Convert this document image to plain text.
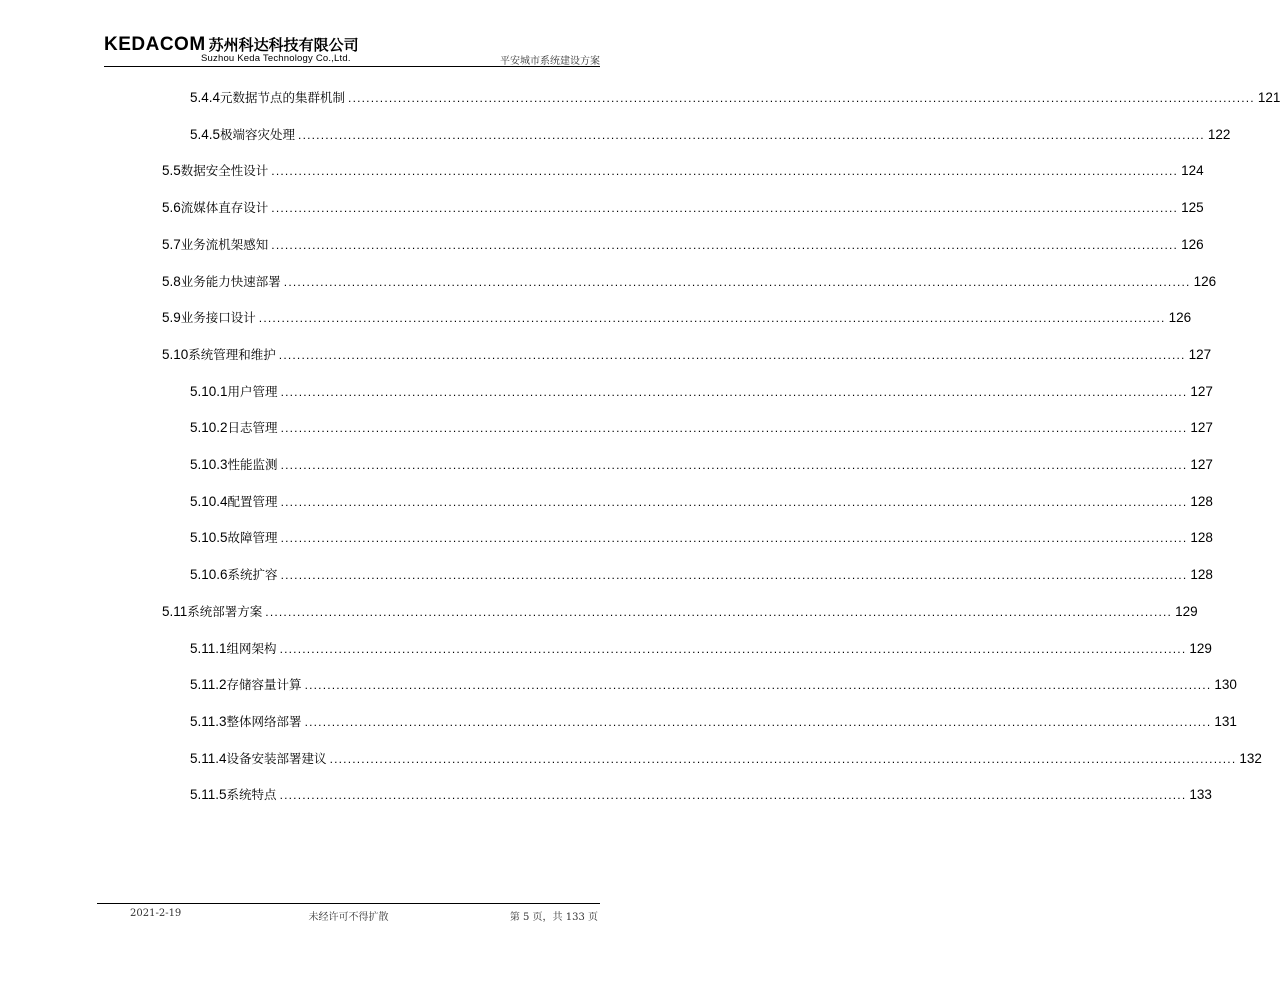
KEDACOM 苏州科达科技有限公司
Suzhou Keda Technology Co.,Ltd.	平安城市系统建设方案
5.4.4 元数据节点的集群机制 ........................................................................................................................................................................................................ 121
5.4.5 极端容灾处理 ........................................................................................................................................................................................................ 122
5.5 数据安全性设计 ........................................................................................................................................................................................................ 124
5.6 流媒体直存设计 ........................................................................................................................................................................................................ 125
5.7 业务流机架感知 ........................................................................................................................................................................................................ 126
5.8 业务能力快速部署 ........................................................................................................................................................................................................ 126
5.9 业务接口设计 ........................................................................................................................................................................................................ 126
5.10 系统管理和维护 ........................................................................................................................................................................................................ 127
5.10.1 用户管理 ........................................................................................................................................................................................................ 127
5.10.2 日志管理 ........................................................................................................................................................................................................ 127
5.10.3 性能监测 ........................................................................................................................................................................................................ 127
5.10.4 配置管理 ........................................................................................................................................................................................................ 128
5.10.5 故障管理 ........................................................................................................................................................................................................ 128
5.10.6 系统扩容 ........................................................................................................................................................................................................ 128
5.11 系统部署方案 ........................................................................................................................................................................................................ 129
5.11.1 组网架构 ........................................................................................................................................................................................................ 129
5.11.2 存储容量计算 ........................................................................................................................................................................................................ 130
5.11.3 整体网络部署 ........................................................................................................................................................................................................ 131
5.11.4 设备安装部署建议 ........................................................................................................................................................................................................ 132
5.11.5 系统特点 ........................................................................................................................................................................................................ 133
2021-2-19	未经许可不得扩散	第 5 页，共 133 页
